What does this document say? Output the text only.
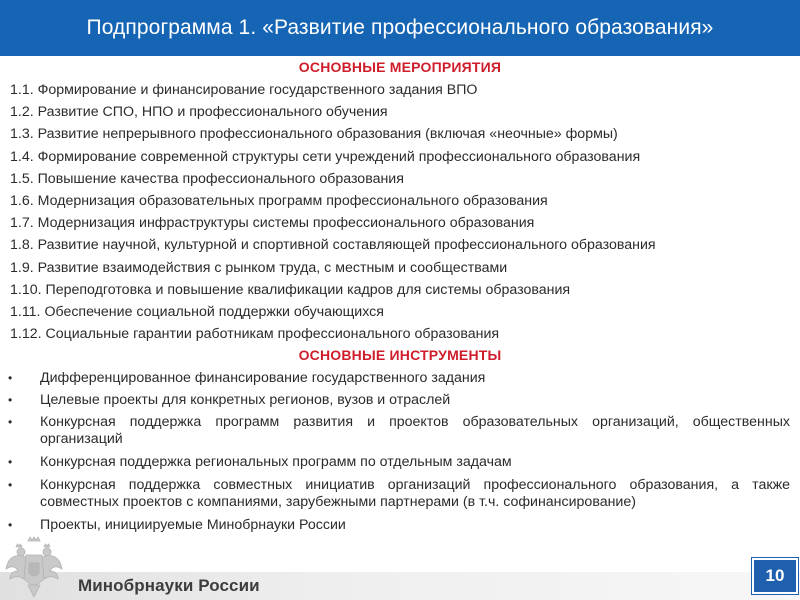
Подпрограмма 1. «Развитие профессионального образования»
ОСНОВНЫЕ МЕРОПРИЯТИЯ
1.1. Формирование и финансирование государственного задания ВПО
1.2. Развитие СПО, НПО и профессионального обучения
1.3. Развитие непрерывного профессионального образования (включая «неочные» формы)
1.4. Формирование современной структуры сети учреждений профессионального образования
1.5. Повышение качества профессионального образования
1.6. Модернизация образовательных программ профессионального образования
1.7. Модернизация инфраструктуры системы профессионального образования
1.8. Развитие научной, культурной и спортивной составляющей профессионального образования
1.9. Развитие взаимодействия с рынком труда, с местным и сообществами
1.10. Переподготовка и повышение квалификации кадров для системы образования
1.11. Обеспечение социальной поддержки обучающихся
1.12. Социальные гарантии работникам профессионального образования
ОСНОВНЫЕ ИНСТРУМЕНТЫ
• Дифференцированное финансирование государственного задания
• Целевые проекты для конкретных регионов, вузов и отраслей
• Конкурсная поддержка программ развития и проектов образовательных организаций, общественных организаций
• Конкурсная поддержка региональных программ по отдельным задачам
• Конкурсная поддержка совместных инициатив организаций профессионального образования, а также совместных проектов с компаниями, зарубежными партнерами (в т.ч. софинансирование)
• Проекты, инициируемые Минобрнауки России
Минобрнауки России
10
